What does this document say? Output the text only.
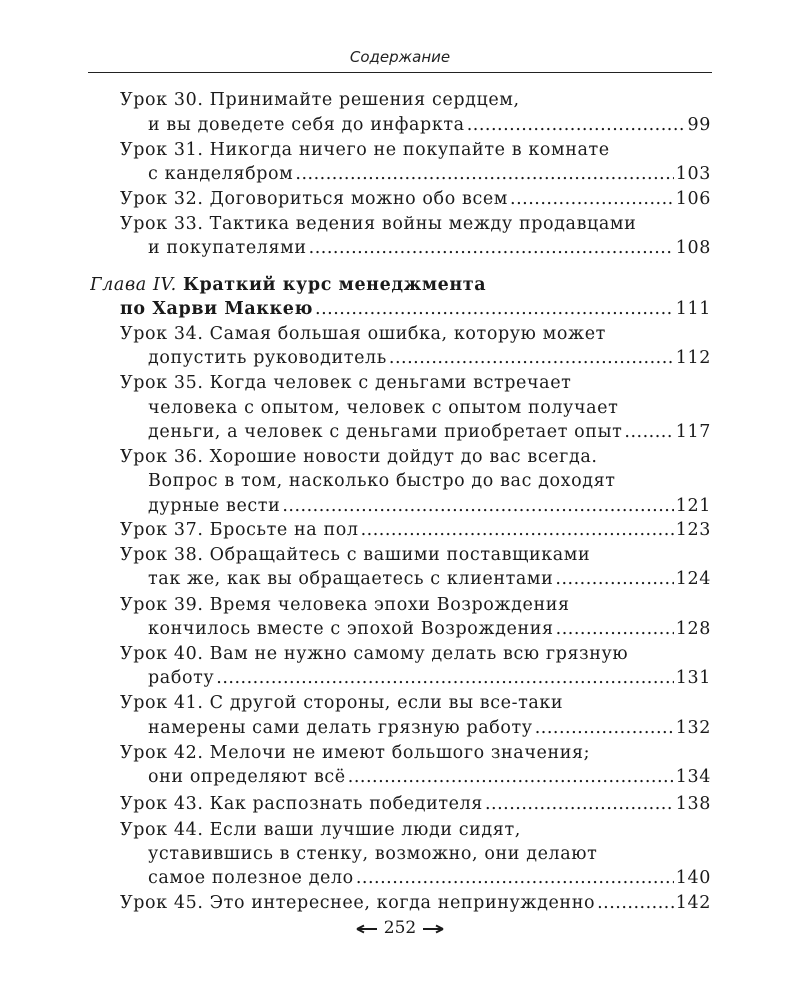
Содержание
Урок 30. Принимайте решения сердцем,
и вы доведете себя до инфаркта .....	99
Урок 31. Никогда ничего не покупайте в комнате
с канделябром .....	103
Урок 32. Договориться можно обо всем .....	106
Урок 33. Тактика ведения войны между продавцами
и покупателями .....	108
Глава IV.
Краткий курс менеджмента
по Харви Маккею .....	111
Урок 34. Самая большая ошибка, которую может
допустить руководитель .....	112
Урок 35. Когда человек с деньгами встречает
человека с опытом, человек с опытом получает
деньги, а человек с деньгами приобретает опыт .....	117
Урок 36. Хорошие новости дойдут до вас всегда.
Вопрос в том, насколько быстро до вас доходят
дурные вести .....	121
Урок 37. Бросьте на пол .....	123
Урок 38. Обращайтесь с вашими поставщиками
так же, как вы обращаетесь с клиентами .....	124
Урок 39. Время человека эпохи Возрождения
кончилось вместе с эпохой Возрождения .....	128
Урок 40. Вам не нужно самому делать всю грязную
работу .....	131
Урок 41. С другой стороны, если вы все-таки
намерены сами делать грязную работу .....	132
Урок 42. Мелочи не имеют большого значения;
они определяют всё .....	134
Урок 43. Как распознать победителя .....	138
Урок 44. Если ваши лучшие люди сидят,
уставившись в стенку, возможно, они делают
самое полезное дело .....	140
Урок 45. Это интереснее, когда непринужденно .....	142
252
